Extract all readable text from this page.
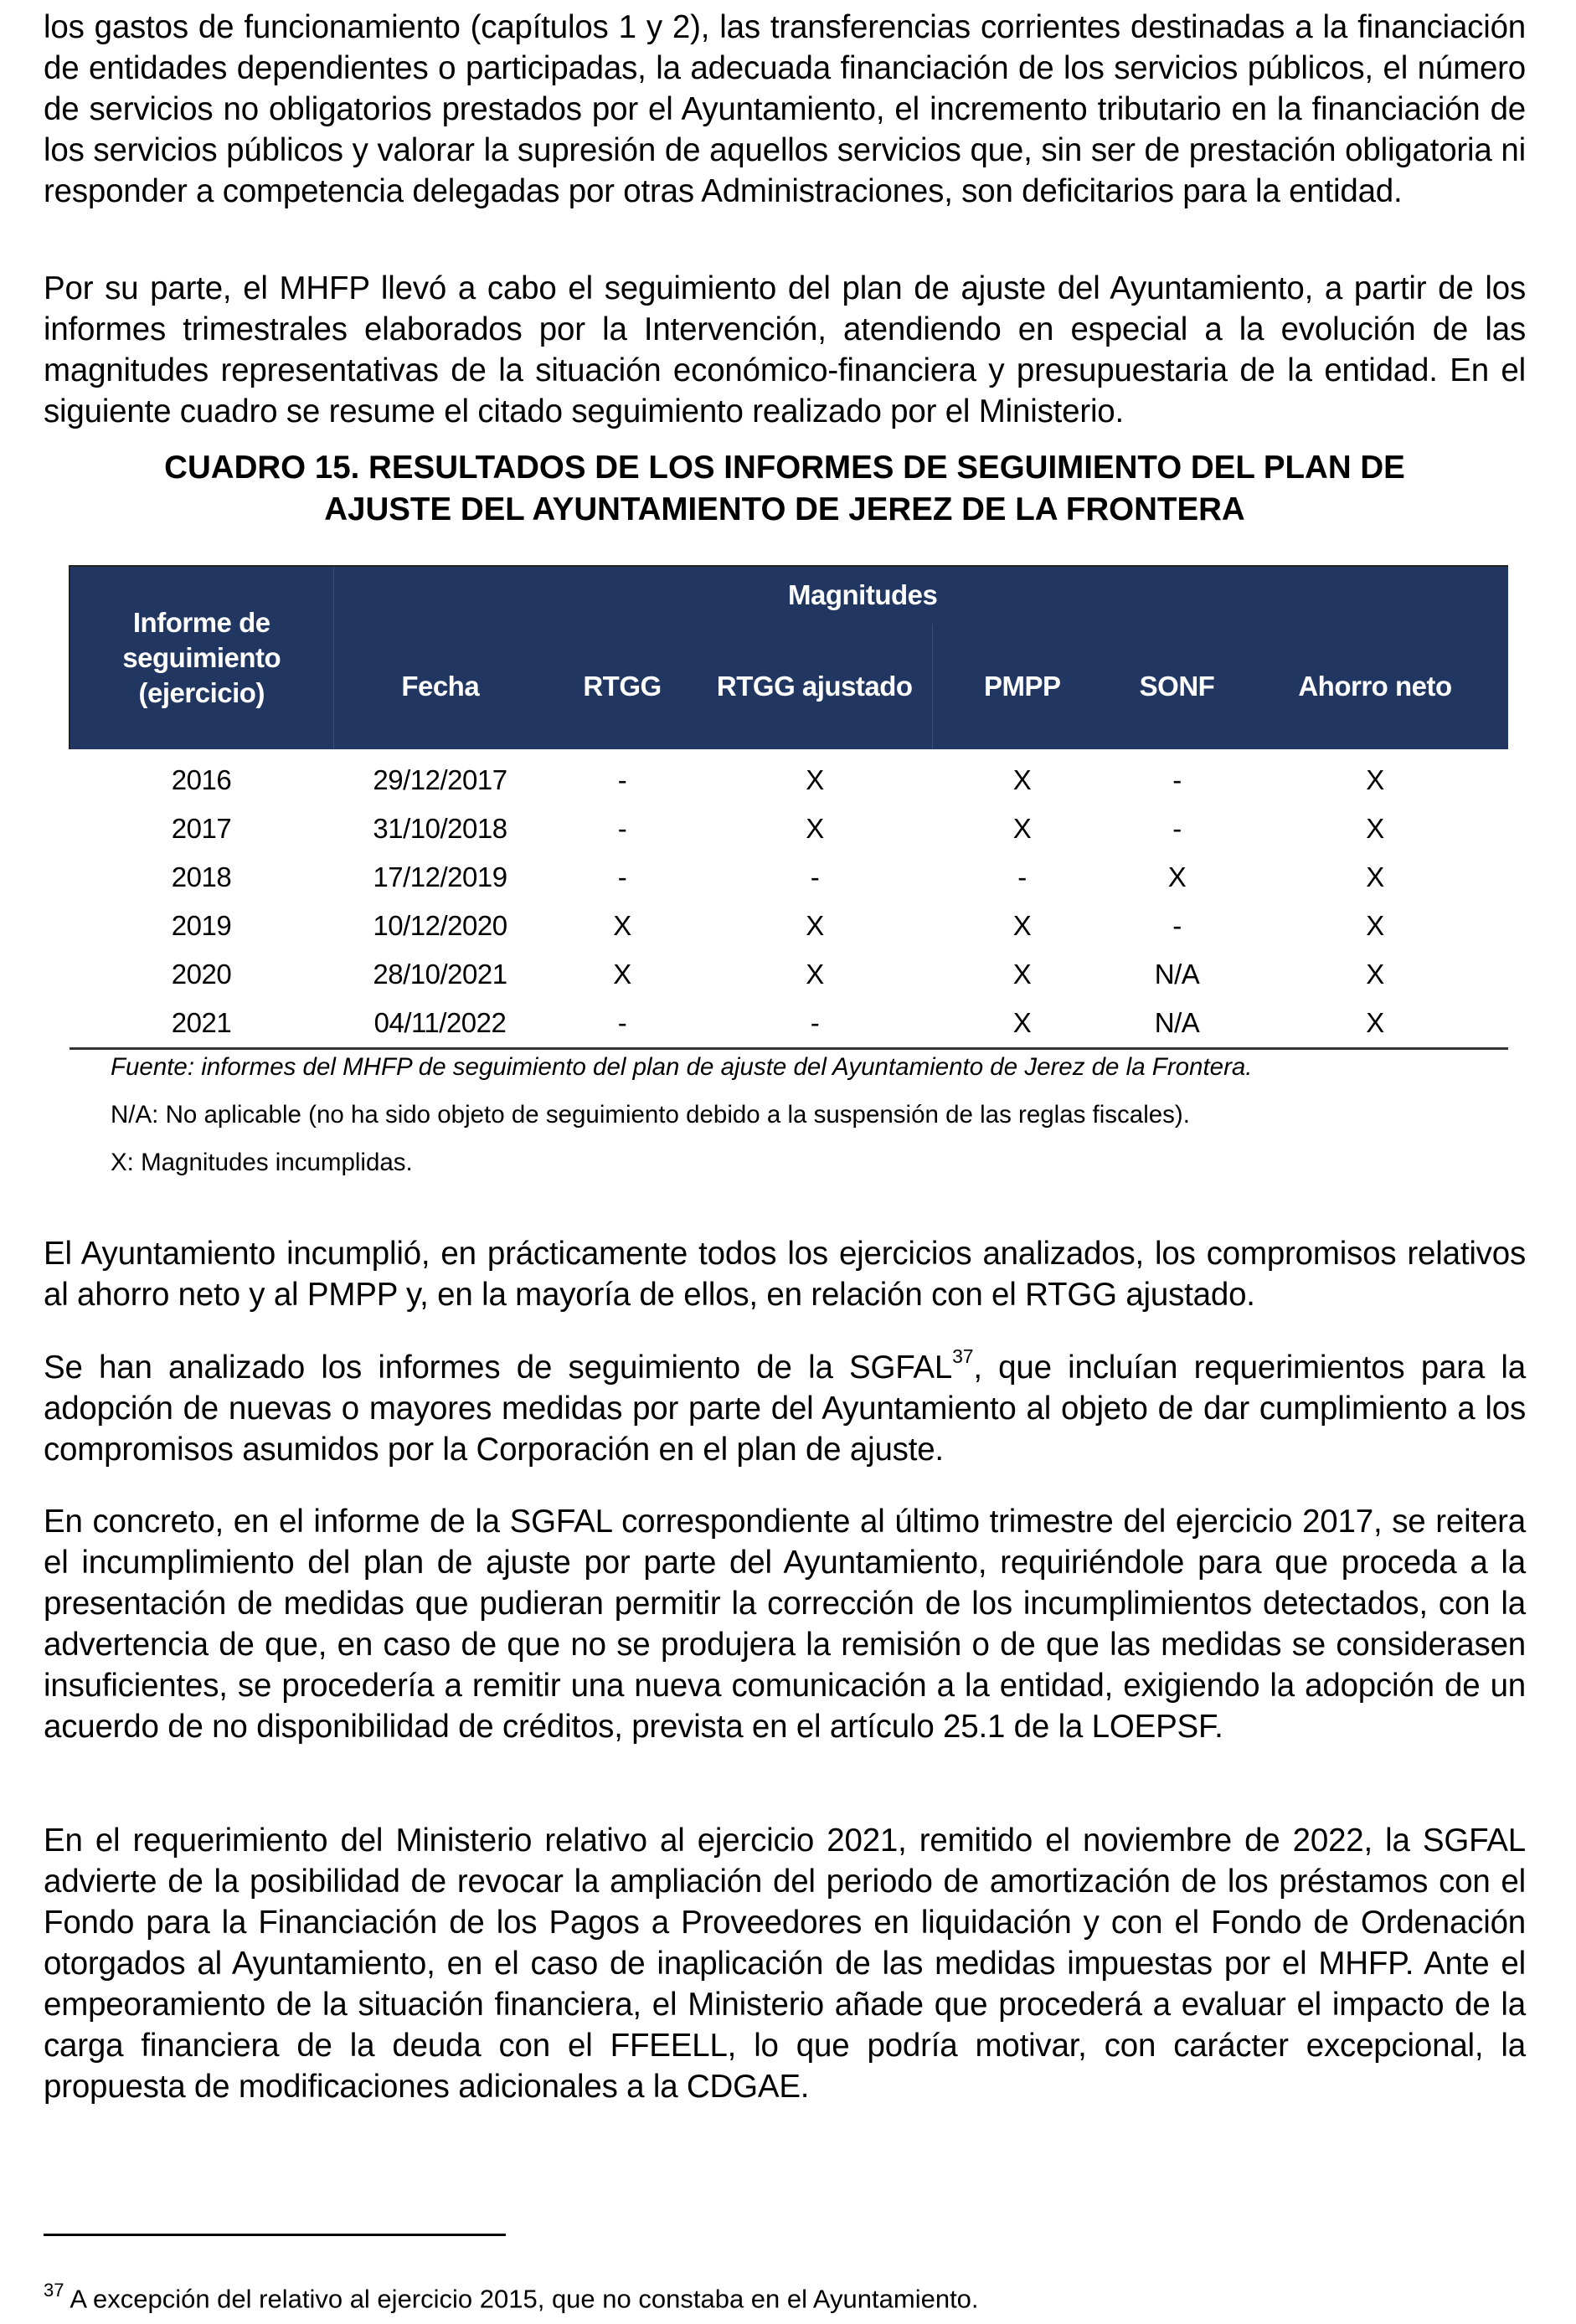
los gastos de funcionamiento (capítulos 1 y 2), las transferencias corrientes destinadas a la financiación de entidades dependientes o participadas, la adecuada financiación de los servicios públicos, el número de servicios no obligatorios prestados por el Ayuntamiento, el incremento tributario en la financiación de los servicios públicos y valorar la supresión de aquellos servicios que, sin ser de prestación obligatoria ni responder a competencia delegadas por otras Administraciones, son deficitarios para la entidad.

Por su parte, el MHFP llevó a cabo el seguimiento del plan de ajuste del Ayuntamiento, a partir de los informes trimestrales elaborados por la Intervención, atendiendo en especial a la evolución de las magnitudes representativas de la situación económico-financiera y presupuestaria de la entidad. En el siguiente cuadro se resume el citado seguimiento realizado por el Ministerio.

CUADRO 15. RESULTADOS DE LOS INFORMES DE SEGUIMIENTO DEL PLAN DE
AJUSTE DEL AYUNTAMIENTO DE JEREZ DE LA FRONTERA
Informe de seguimiento (ejercicio)		Magnitudes				
	Fecha	RTGG	RTGG ajustado	PMPP	SONF	Ahorro neto
2016	29/12/2017	-	X	X	-	X
2017	31/10/2018	-	X	X	-	X
2018	17/12/2019	-	-	-	X	X
2019	10/12/2020	X	X	X	-	X
2020	28/10/2021	X	X	X	N/A	X
2021	04/11/2022	-	-	X	N/A	X

Fuente: informes del MHFP de seguimiento del plan de ajuste del Ayuntamiento de Jerez de la Frontera.

N/A: No aplicable (no ha sido objeto de seguimiento debido a la suspensión de las reglas fiscales).

X: Magnitudes incumplidas.

El Ayuntamiento incumplió, en prácticamente todos los ejercicios analizados, los compromisos relativos al ahorro neto y al PMPP y, en la mayoría de ellos, en relación con el RTGG ajustado.

Se han analizado los informes de seguimiento de la SGFAL$^{37}$, que incluían requerimientos para la adopción de nuevas o mayores medidas por parte del Ayuntamiento al objeto de dar cumplimiento a los compromisos asumidos por la Corporación en el plan de ajuste.

En concreto, en el informe de la SGFAL correspondiente al último trimestre del ejercicio 2017, se reitera el incumplimiento del plan de ajuste por parte del Ayuntamiento, requiriéndole para que proceda a la presentación de medidas que pudieran permitir la corrección de los incumplimientos detectados, con la advertencia de que, en caso de que no se produjera la remisión o de que las medidas se considerasen insuficientes, se procedería a remitir una nueva comunicación a la entidad, exigiendo la adopción de un acuerdo de no disponibilidad de créditos, prevista en el artículo 25.1 de la LOEPSF.

En el requerimiento del Ministerio relativo al ejercicio 2021, remitido el noviembre de 2022, la SGFAL advierte de la posibilidad de revocar la ampliación del periodo de amortización de los préstamos con el Fondo para la Financiación de los Pagos a Proveedores en liquidación y con el Fondo de Ordenación otorgados al Ayuntamiento, en el caso de inaplicación de las medidas impuestas por el MHFP. Ante el empeoramiento de la situación financiera, el Ministerio añade que procederá a evaluar el impacto de la carga financiera de la deuda con el FFEELL, lo que podría motivar, con carácter excepcional, la propuesta de modificaciones adicionales a la CDGAE.

$^{37}$ A excepción del relativo al ejercicio 2015, que no constaba en el Ayuntamiento.
